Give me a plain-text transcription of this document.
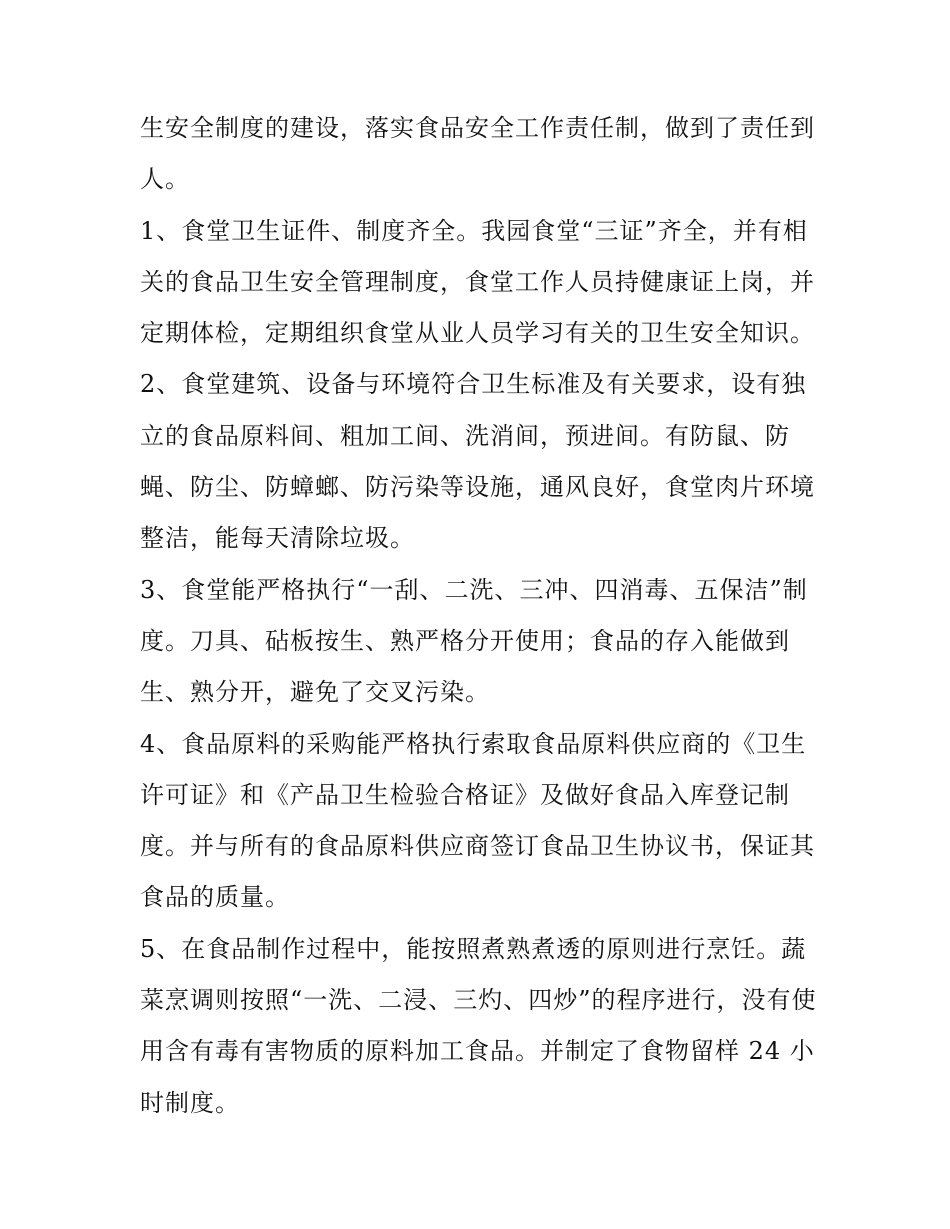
生安全制度的建设，落实食品安全工作责任制，做到了责任到
人。
1、食堂卫生证件、制度齐全。我园食堂“三证”齐全，并有相
关的食品卫生安全管理制度，食堂工作人员持健康证上岗，并
定期体检，定期组织食堂从业人员学习有关的卫生安全知识。
2、食堂建筑、设备与环境符合卫生标准及有关要求，设有独
立的食品原料间、粗加工间、洗消间，预进间。有防鼠、防
蝇、防尘、防蟑螂、防污染等设施，通风良好，食堂肉片环境
整洁，能每天清除垃圾。
3、食堂能严格执行“一刮、二洗、三冲、四消毒、五保洁”制
度。刀具、砧板按生、熟严格分开使用；食品的存入能做到
生、熟分开，避免了交叉污染。
4、食品原料的采购能严格执行索取食品原料供应商的《卫生
许可证》和《产品卫生检验合格证》及做好食品入库登记制
度。并与所有的食品原料供应商签订食品卫生协议书，保证其
食品的质量。
5、在食品制作过程中，能按照煮熟煮透的原则进行烹饪。蔬
菜烹调则按照“一洗、二浸、三灼、四炒”的程序进行，没有使
用含有毒有害物质的原料加工食品。并制定了食物留样 24 小
时制度。
